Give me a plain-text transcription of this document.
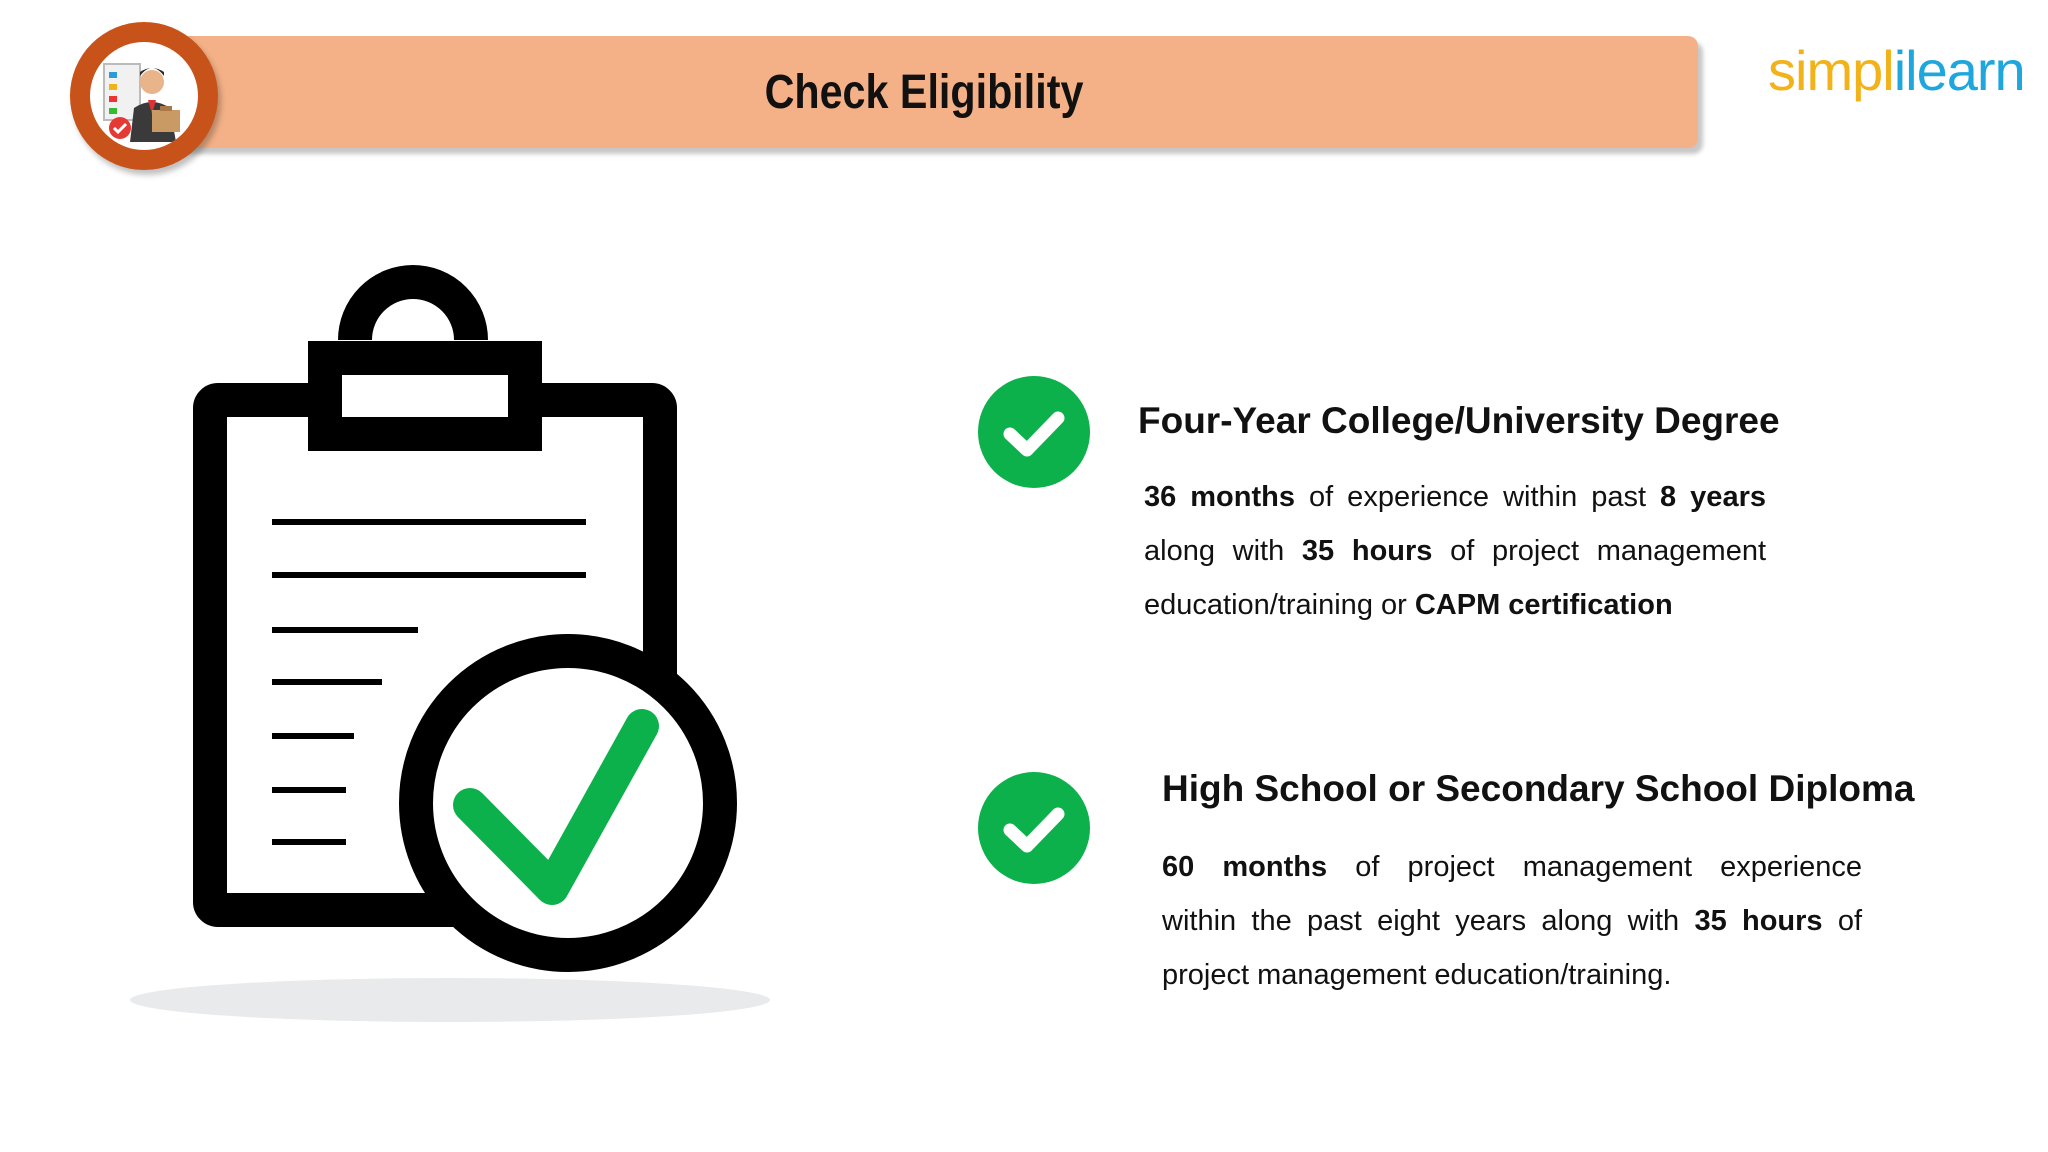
Check Eligibility	simplilearn
Four-Year College/University Degree
36 months of experience within past 8 years
along with 35 hours of project management
education/training or CAPM certification
High School or Secondary School Diploma
60 months of project management experience
within the past eight years along with 35 hours of
project management education/training.
